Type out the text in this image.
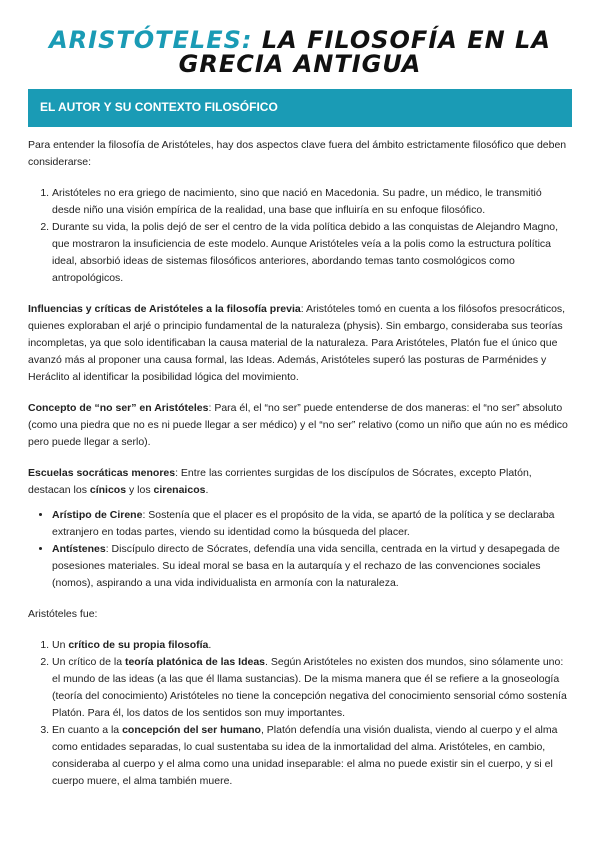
ARISTÓTELES: LA FILOSOFÍA EN LA GRECIA ANTIGUA
EL AUTOR Y SU CONTEXTO FILOSÓFICO

Para entender la filosofía de Aristóteles, hay dos aspectos clave fuera del ámbito estrictamente filosófico que deben considerarse:

1. Aristóteles no era griego de nacimiento, sino que nació en Macedonia. Su padre, un médico, le transmitió desde niño una visión empírica de la realidad, una base que influiría en su enfoque filosófico.
2. Durante su vida, la polis dejó de ser el centro de la vida política debido a las conquistas de Alejandro Magno, que mostraron la insuficiencia de este modelo. Aunque Aristóteles veía a la polis como la estructura política ideal, absorbió ideas de sistemas filosóficos anteriores, abordando temas tanto cosmológicos como antropológicos.

Influencias y críticas de Aristóteles a la filosofía previa: Aristóteles tomó en cuenta a los filósofos presocráticos, quienes exploraban el arjé o principio fundamental de la naturaleza (physis). Sin embargo, consideraba sus teorías incompletas, ya que solo identificaban la causa material de la naturaleza. Para Aristóteles, Platón fue el único que avanzó más al proponer una causa formal, las Ideas. Además, Aristóteles superó las posturas de Parménides y Heráclito al identificar la posibilidad lógica del movimiento.

Concepto de “no ser” en Aristóteles: Para él, el “no ser” puede entenderse de dos maneras: el “no ser” absoluto (como una piedra que no es ni puede llegar a ser médico) y el “no ser” relativo (como un niño que aún no es médico pero puede llegar a serlo).

Escuelas socráticas menores: Entre las corrientes surgidas de los discípulos de Sócrates, excepto Platón, destacan los cínicos y los cirenaicos.

• Arístipo de Cirene: Sostenía que el placer es el propósito de la vida, se apartó de la política y se declaraba extranjero en todas partes, viendo su identidad como la búsqueda del placer.
• Antístenes: Discípulo directo de Sócrates, defendía una vida sencilla, centrada en la virtud y desapegada de posesiones materiales. Su ideal moral se basa en la autarquía y el rechazo de las convenciones sociales (nomos), aspirando a una vida individualista en armonía con la naturaleza.

Aristóteles fue:

1. Un crítico de su propia filosofía.
2. Un crítico de la teoría platónica de las Ideas. Según Aristóteles no existen dos mundos, sino sólamente uno: el mundo de las ideas (a las que él llama sustancias). De la misma manera que él se refiere a la gnoseología (teoría del conocimiento) Aristóteles no tiene la concepción negativa del conocimiento sensorial cómo sostenía Platón. Para él, los datos de los sentidos son muy importantes.
3. En cuanto a la concepción del ser humano, Platón defendía una visión dualista, viendo al cuerpo y el alma como entidades separadas, lo cual sustentaba su idea de la inmortalidad del alma. Aristóteles, en cambio, consideraba al cuerpo y el alma como una unidad inseparable: el alma no puede existir sin el cuerpo, y si el cuerpo muere, el alma también muere.
